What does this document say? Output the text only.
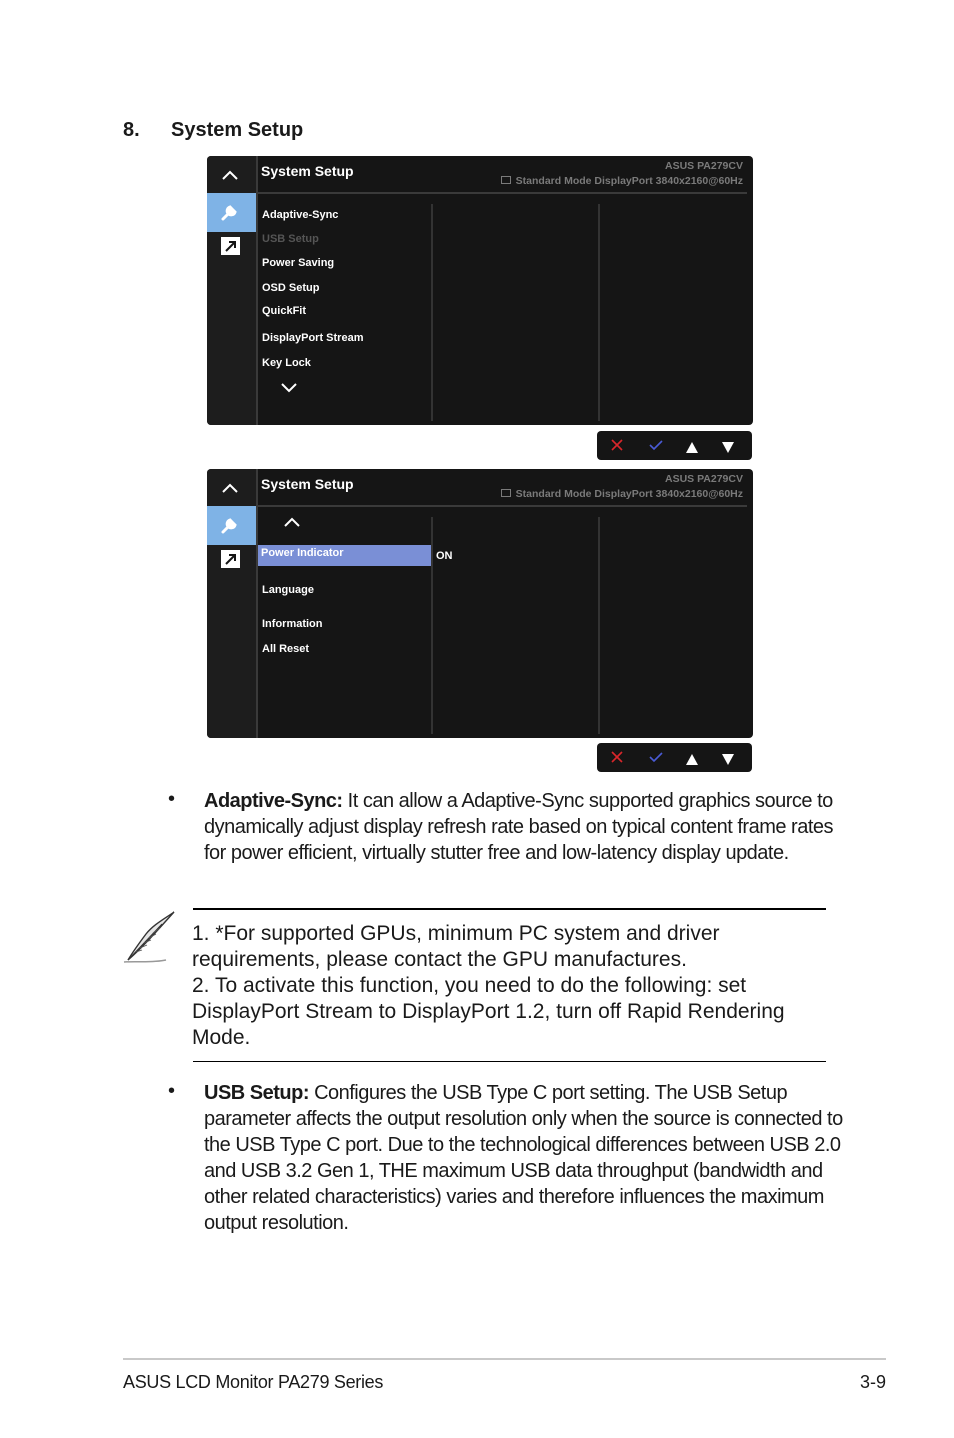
8. System Setup
System Setup	ASUS PA279CV
Standard Mode DisplayPort 3840x2160@60Hz
Adaptive-Sync
USB Setup
Power Saving
OSD Setup
QuickFit
DisplayPort Stream
Key Lock
System Setup	ASUS PA279CV
Standard Mode DisplayPort 3840x2160@60Hz
Power Indicator	ON
Language
Information
All Reset
• Adaptive-Sync: It can allow a Adaptive-Sync supported graphics source to dynamically adjust display refresh rate based on typical content frame rates for power efficient, virtually stutter free and low-latency display update.
1. *For supported GPUs, minimum PC system and driver requirements, please contact the GPU manufactures.
2. To activate this function, you need to do the following: set DisplayPort Stream to DisplayPort 1.2, turn off Rapid Rendering Mode.
• USB Setup: Configures the USB Type C port setting. The USB Setup parameter affects the output resolution only when the source is connected to the USB Type C port. Due to the technological differences between USB 2.0 and USB 3.2 Gen 1, THE maximum USB data throughput (bandwidth and other related characteristics) varies and therefore influences the maximum output resolution.
ASUS LCD Monitor PA279 Series	3-9
